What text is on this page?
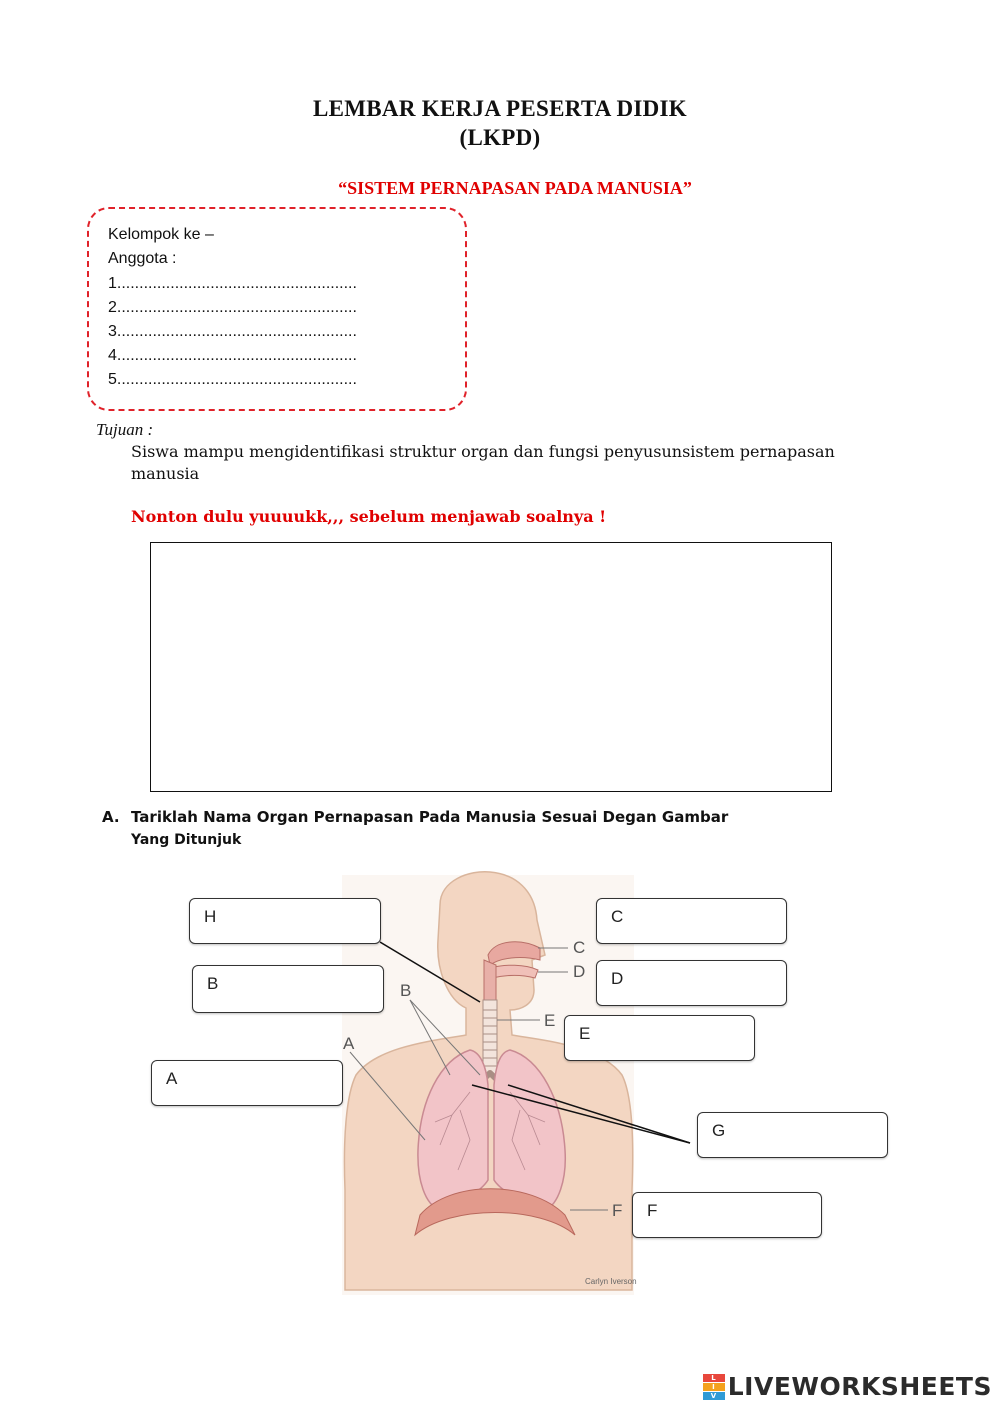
LEMBAR KERJA PESERTA DIDIK
(LKPD)
“SISTEM PERNAPASAN PADA MANUSIA”
Kelompok ke –
Anggota :
1......................................................
2......................................................
3......................................................
4......................................................
5......................................................
Tujuan :
Siswa mampu mengidentifikasi struktur organ dan fungsi penyusunsistem pernapasan manusia
Nonton dulu yuuuukk,,, sebelum menjawab soalnya !
A. Tariklah Nama Organ Pernapasan Pada Manusia Sesuai Degan Gambar
Yang Ditunjuk
C
D
E
B
A
F
Carlyn Iverson
H
B
A
C
D
E
G
F
L
I
V LIVEWORKSHEETS
